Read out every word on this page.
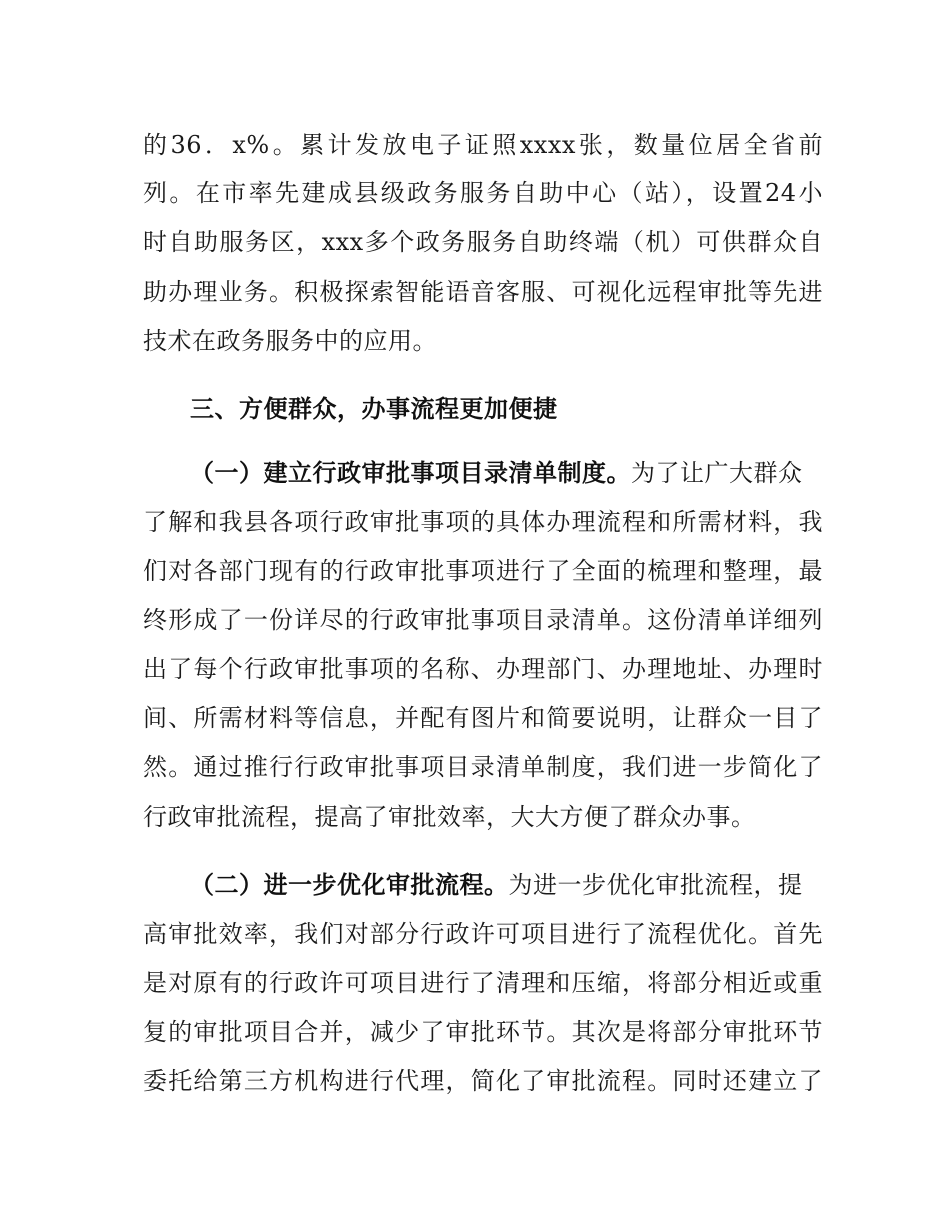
的36．x%。累计发放电子证照xxxx张，数量位居全省前
列。在市率先建成县级政务服务自助中心（站），设置24小
时自助服务区，xxx多个政务服务自助终端（机）可供群众自
助办理业务。积极探索智能语音客服、可视化远程审批等先进
技术在政务服务中的应用。
三、方便群众，办事流程更加便捷
（一）建立行政审批事项目录清单制度。为了让广大群众
了解和我县各项行政审批事项的具体办理流程和所需材料，我
们对各部门现有的行政审批事项进行了全面的梳理和整理，最
终形成了一份详尽的行政审批事项目录清单。这份清单详细列
出了每个行政审批事项的名称、办理部门、办理地址、办理时
间、所需材料等信息，并配有图片和简要说明，让群众一目了
然。通过推行行政审批事项目录清单制度，我们进一步简化了
行政审批流程，提高了审批效率，大大方便了群众办事。
（二）进一步优化审批流程。为进一步优化审批流程，提
高审批效率，我们对部分行政许可项目进行了流程优化。首先
是对原有的行政许可项目进行了清理和压缩，将部分相近或重
复的审批项目合并，减少了审批环节。其次是将部分审批环节
委托给第三方机构进行代理，简化了审批流程。同时还建立了
